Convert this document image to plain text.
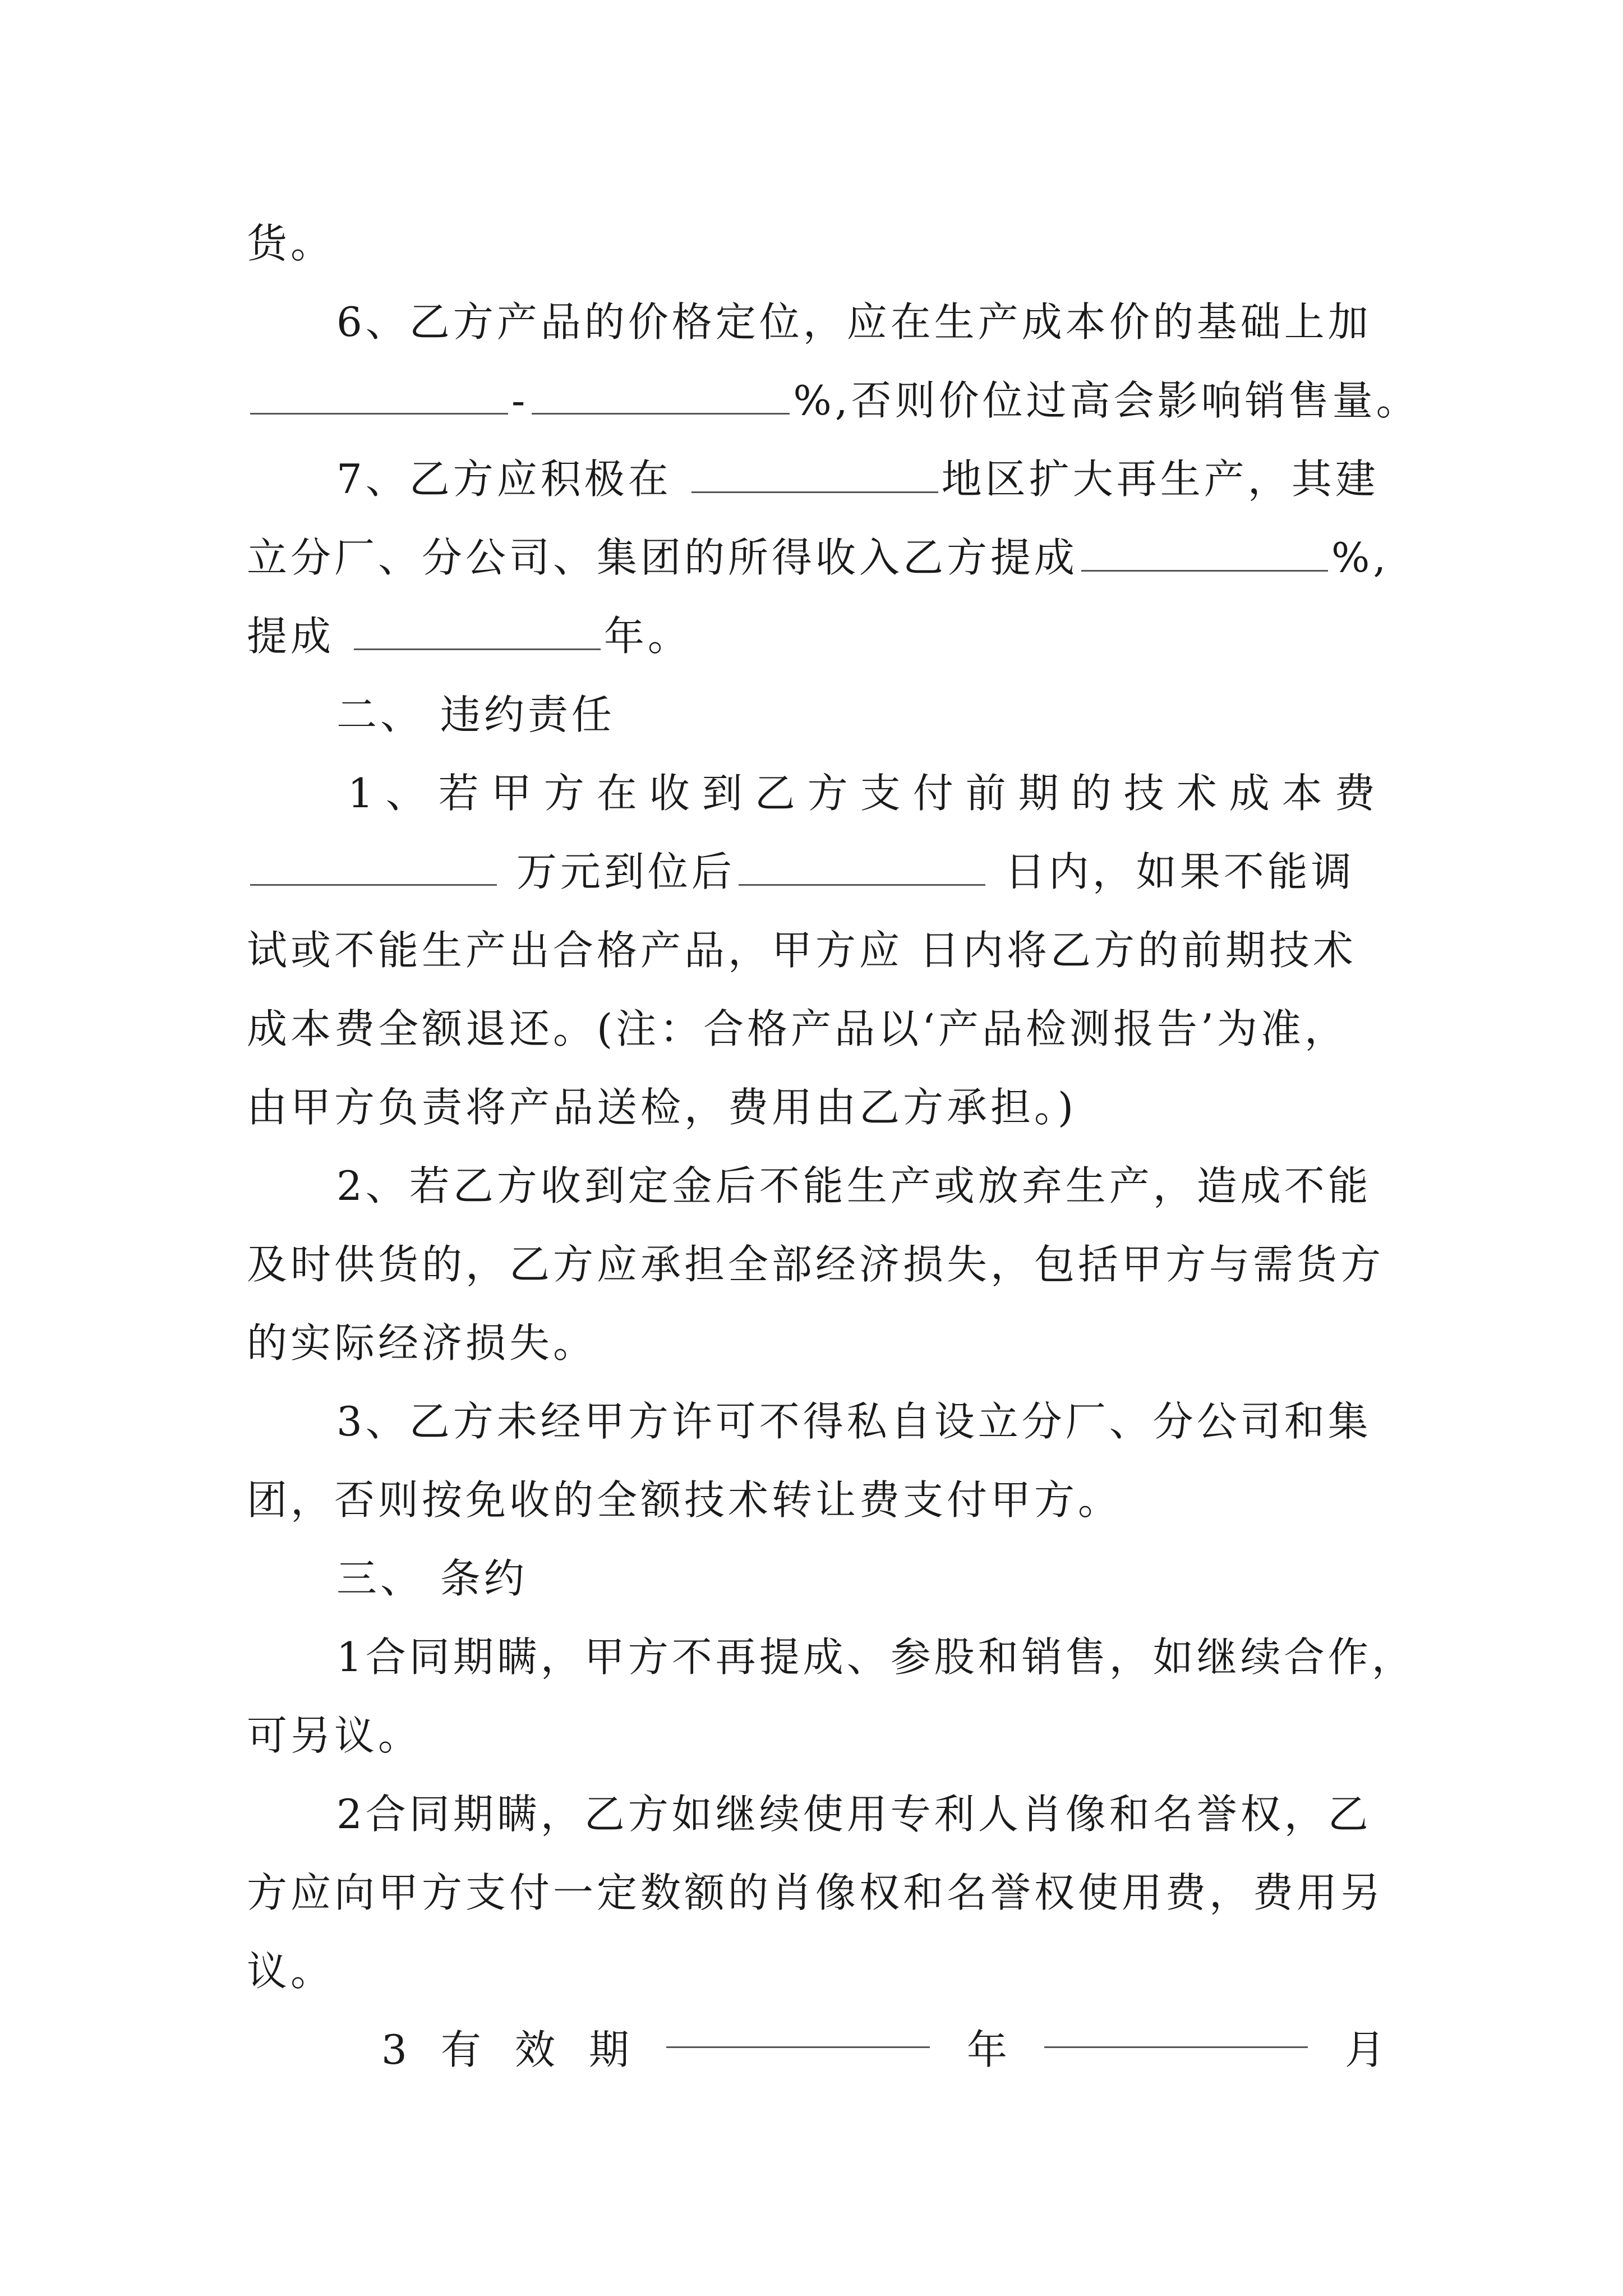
货。
6、乙方产品的价格定位，应在生产成本价的基础上加
-	%,否则价位过高会影响销售量。
7、乙方应积极在	地区扩大再生产，其建
立分厂、分公司、集团的所得收入乙方提成	%,
提成	年。
二、 违约责任
1、若甲方在收到乙方支付前期的技术成本费
万元到位后	日内，如果不能调
试或不能生产出合格产品，甲方应 日内将乙方的前期技术
成本费全额退还。(注：合格产品以‘产品检测报告’为准，
由甲方负责将产品送检，费用由乙方承担。)
2、若乙方收到定金后不能生产或放弃生产，造成不能
及时供货的，乙方应承担全部经济损失，包括甲方与需货方
的实际经济损失。
3、乙方未经甲方许可不得私自设立分厂、分公司和集
团，否则按免收的全额技术转让费支付甲方。
三、 条约
1合同期瞒，甲方不再提成、参股和销售，如继续合作，
可另议。
2合同期瞒，乙方如继续使用专利人肖像和名誉权，乙
方应向甲方支付一定数额的肖像权和名誉权使用费，费用另
议。
3 有 效 期	年	月
